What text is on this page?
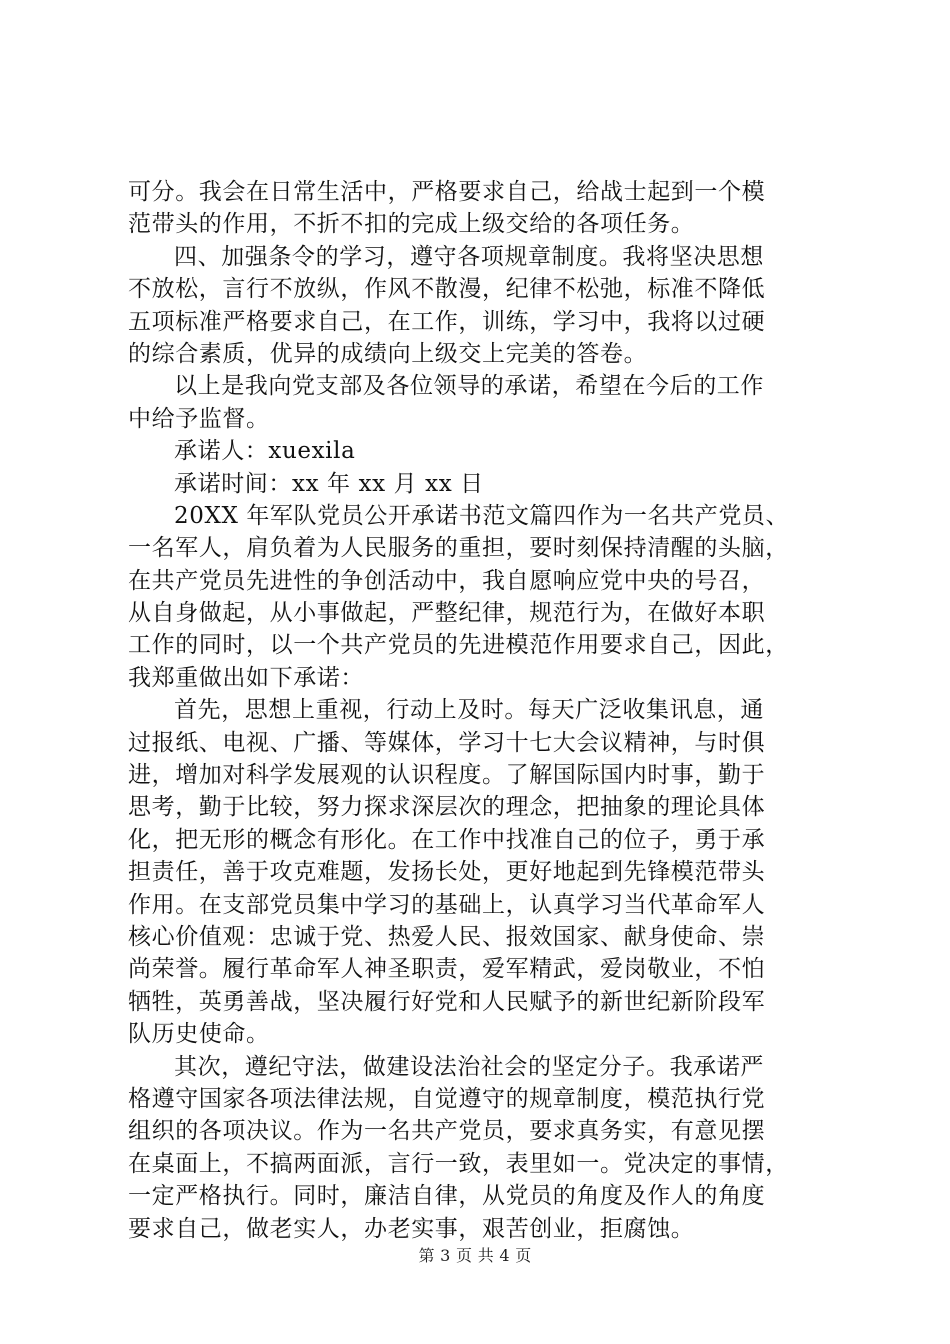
可分。我会在日常生活中，严格要求自己，给战士起到一个模
范带头的作用，不折不扣的完成上级交给的各项任务。
四、加强条令的学习，遵守各项规章制度。我将坚决思想
不放松，言行不放纵，作风不散漫，纪律不松弛，标准不降低
五项标准严格要求自己，在工作，训练，学习中，我将以过硬
的综合素质，优异的成绩向上级交上完美的答卷。
以上是我向党支部及各位领导的承诺，希望在今后的工作
中给予监督。
承诺人：xuexila
承诺时间：xx 年 xx 月 xx 日
20XX 年军队党员公开承诺书范文篇四作为一名共产党员、
一名军人，肩负着为人民服务的重担，要时刻保持清醒的头脑，
在共产党员先进性的争创活动中，我自愿响应党中央的号召，
从自身做起，从小事做起，严整纪律，规范行为，在做好本职
工作的同时，以一个共产党员的先进模范作用要求自己，因此，
我郑重做出如下承诺：
首先，思想上重视，行动上及时。每天广泛收集讯息，通
过报纸、电视、广播、等媒体，学习十七大会议精神，与时俱
进，增加对科学发展观的认识程度。了解国际国内时事，勤于
思考，勤于比较，努力探求深层次的理念，把抽象的理论具体
化，把无形的概念有形化。在工作中找准自己的位子，勇于承
担责任，善于攻克难题，发扬长处，更好地起到先锋模范带头
作用。在支部党员集中学习的基础上，认真学习当代革命军人
核心价值观：忠诚于党、热爱人民、报效国家、献身使命、崇
尚荣誉。履行革命军人神圣职责，爱军精武，爱岗敬业，不怕
牺牲，英勇善战，坚决履行好党和人民赋予的新世纪新阶段军
队历史使命。
其次，遵纪守法，做建设法治社会的坚定分子。我承诺严
格遵守国家各项法律法规，自觉遵守的规章制度，模范执行党
组织的各项决议。作为一名共产党员，要求真务实，有意见摆
在桌面上，不搞两面派，言行一致，表里如一。党决定的事情，
一定严格执行。同时，廉洁自律，从党员的角度及作人的角度
要求自己，做老实人，办老实事，艰苦创业，拒腐蚀。
第 3 页 共 4 页
